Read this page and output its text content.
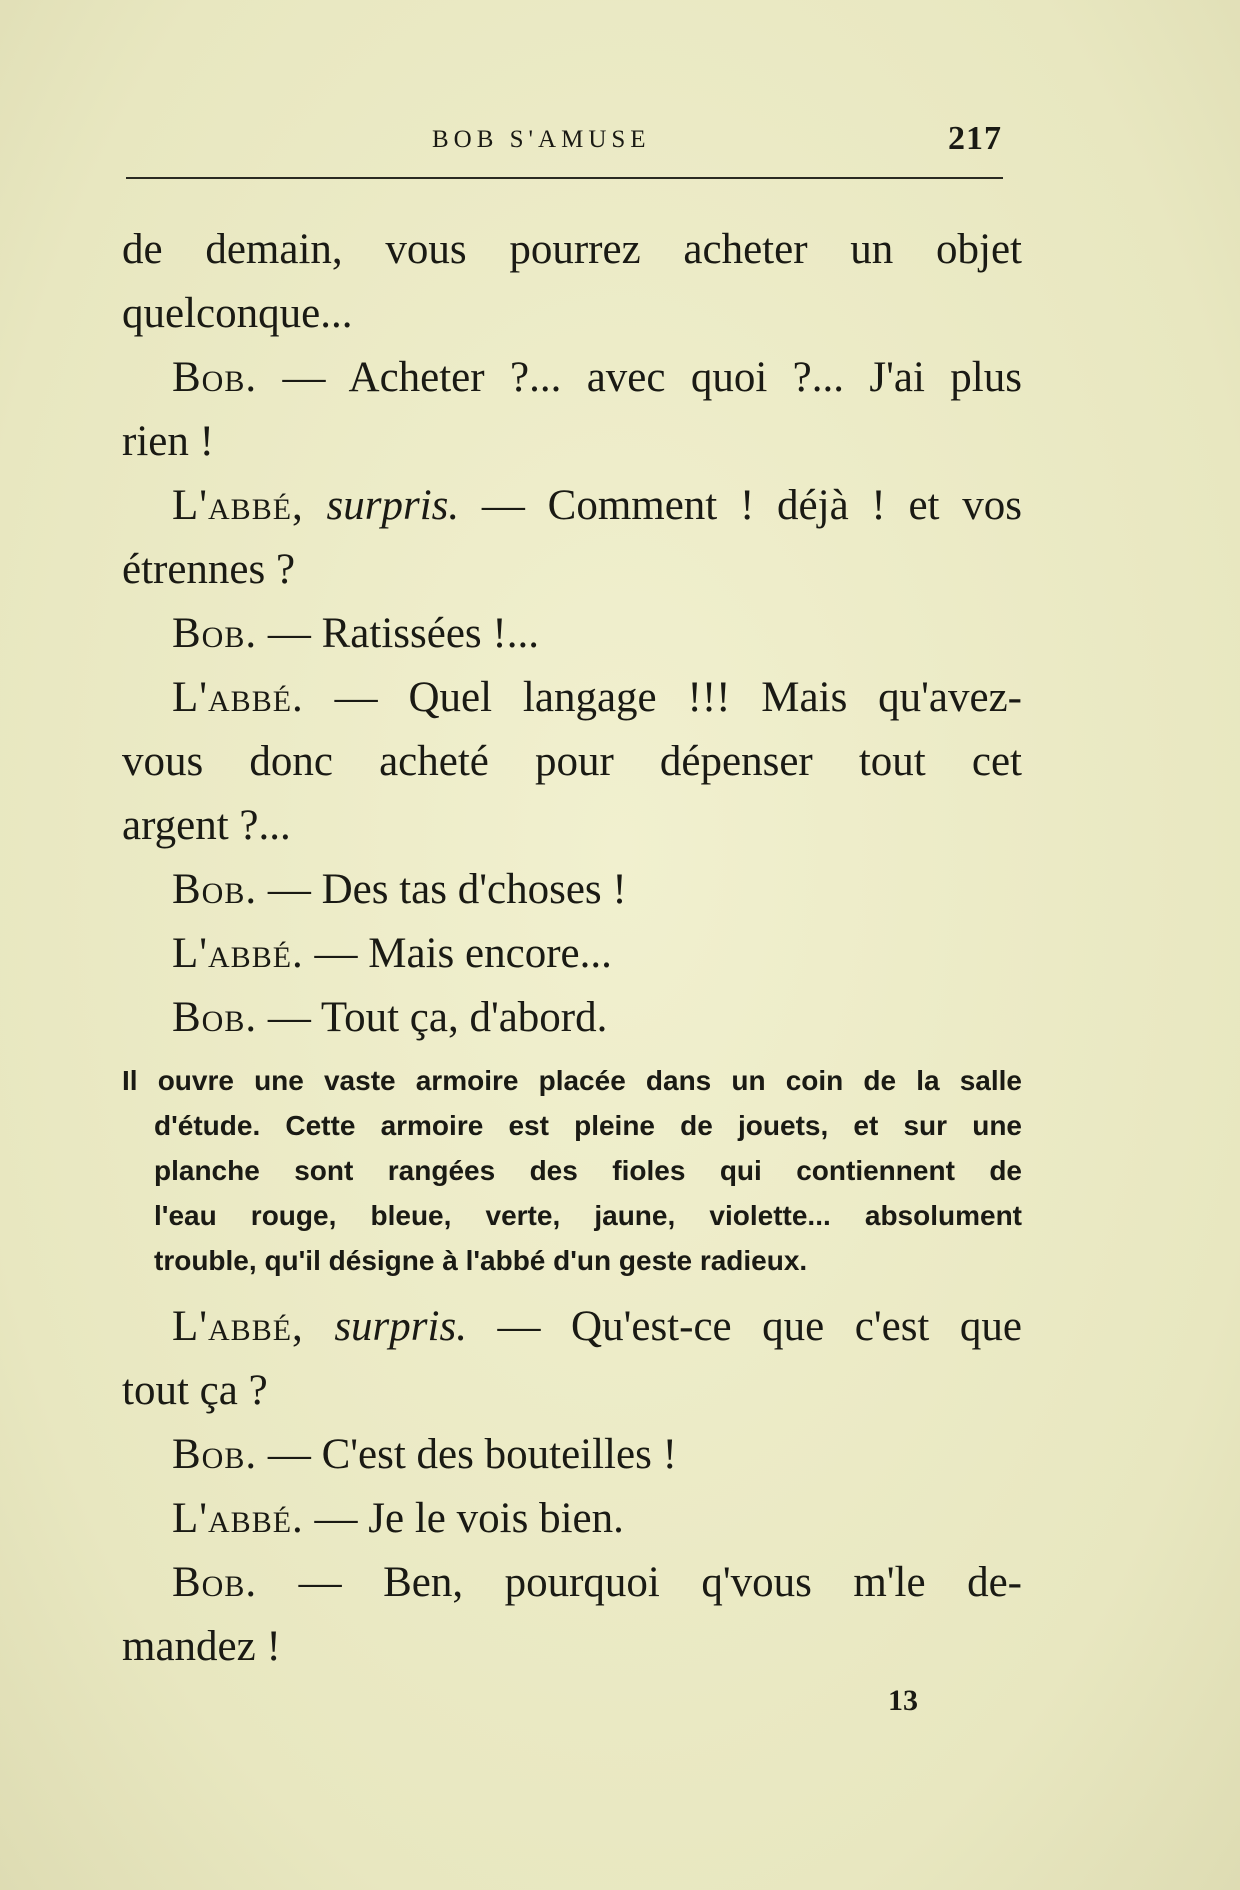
BOB S'AMUSE	217
de demain, vous pourrez acheter un objet
quelconque...
Bob. — Acheter ?... avec quoi ?... J'ai plus
rien !
L'abbé, surpris. — Comment ! déjà ! et vos
étrennes ?
Bob. — Ratissées !...
L'abbé. — Quel langage !!! Mais qu'avez-
vous donc acheté pour dépenser tout cet
argent ?...
Bob. — Des tas d'choses !
L'abbé. — Mais encore...
Bob. — Tout ça, d'abord.
Il ouvre une vaste armoire placée dans un coin de la salle
d'étude. Cette armoire est pleine de jouets, et sur une
planche sont rangées des fioles qui contiennent de
l'eau rouge, bleue, verte, jaune, violette... absolument
trouble, qu'il désigne à l'abbé d'un geste radieux.
L'abbé, surpris. — Qu'est-ce que c'est que
tout ça ?
Bob. — C'est des bouteilles !
L'abbé. — Je le vois bien.
Bob. — Ben, pourquoi q'vous m'le de-
mandez !
13
